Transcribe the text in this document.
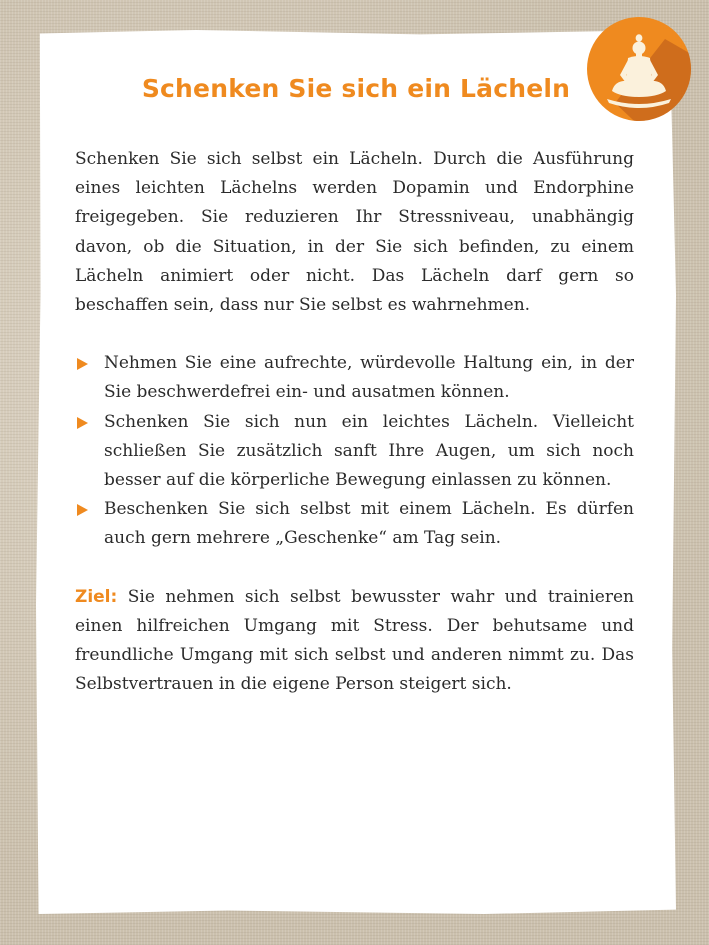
Schenken Sie sich ein Lächeln

Schenken Sie sich selbst ein Lächeln. Durch die Ausführung eines leichten Lächelns werden Dopamin und Endorphine freigegeben. Sie reduzieren Ihr Stressniveau, unabhängig davon, ob die Situation, in der Sie sich befinden, zu einem Lächeln animiert oder nicht. Das Lächeln darf gern so beschaffen sein, dass nur Sie selbst es wahrnehmen.

Nehmen Sie eine aufrechte, würdevolle Haltung ein, in der Sie beschwerdefrei ein- und ausatmen können.
Schenken Sie sich nun ein leichtes Lächeln. Vielleicht schließen Sie zusätzlich sanft Ihre Augen, um sich noch besser auf die körperliche Bewegung einlassen zu können.
Beschenken Sie sich selbst mit einem Lächeln. Es dürfen auch gern mehrere „Geschenke“ am Tag sein.

Ziel: Sie nehmen sich selbst bewusster wahr und trainieren einen hilfreichen Umgang mit Stress. Der behutsame und freundliche Umgang mit sich selbst und anderen nimmt zu. Das Selbstvertrauen in die eigene Person steigert sich.
